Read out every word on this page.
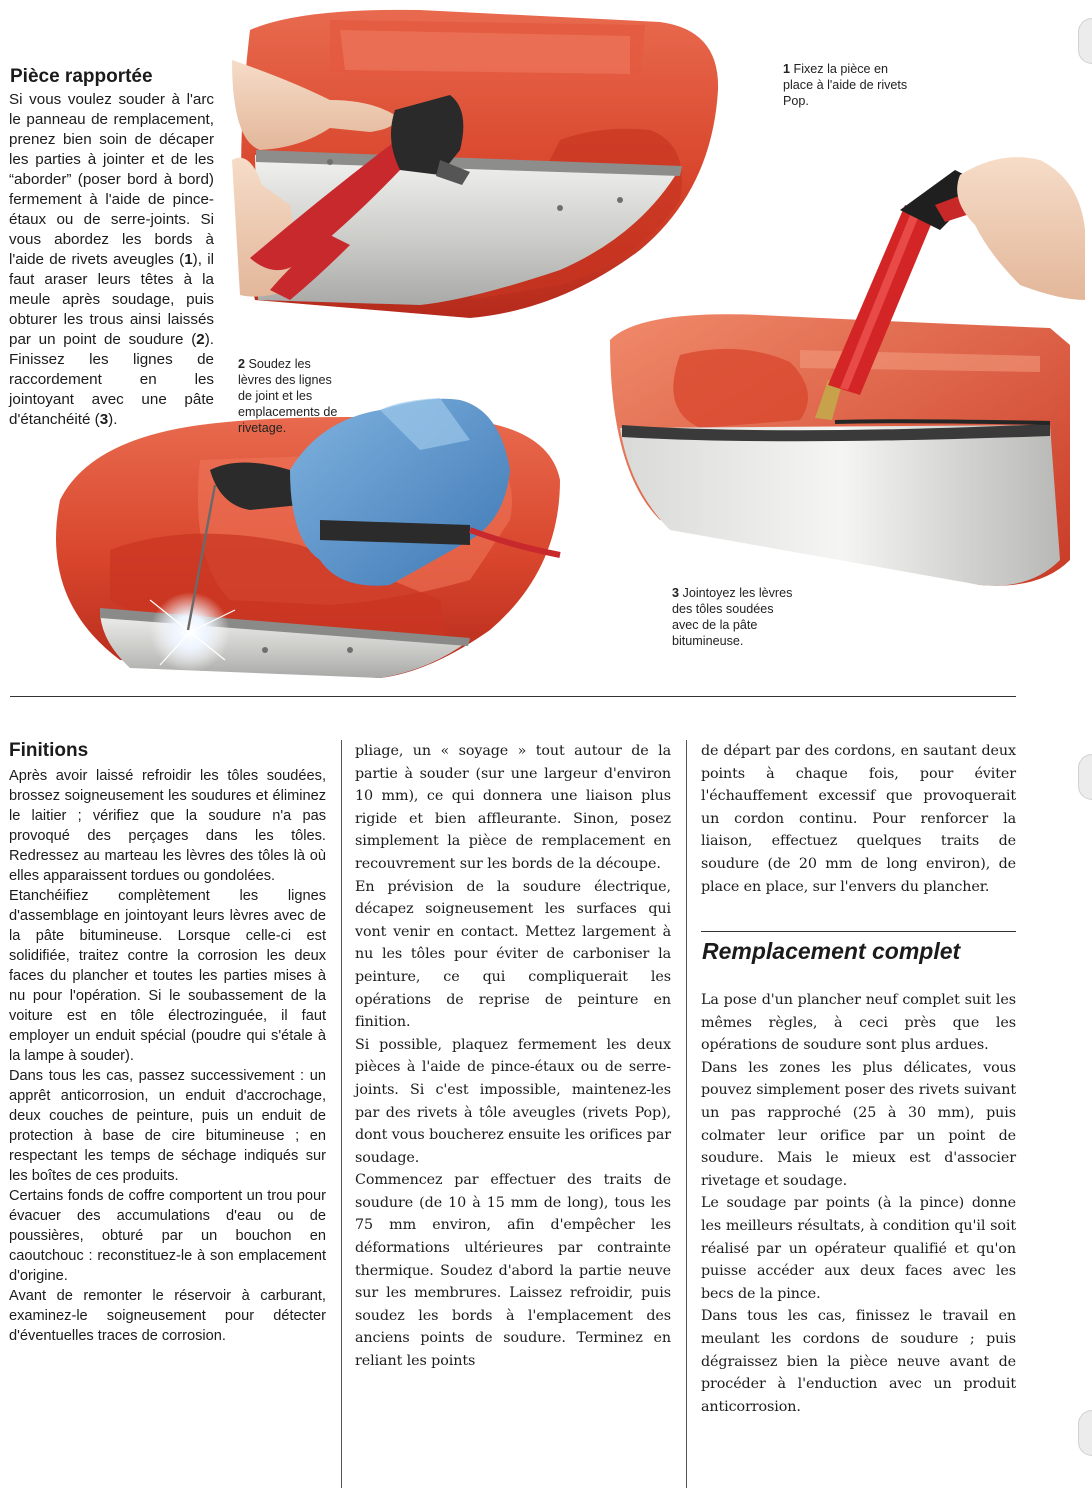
Pièce rapportée
Si vous voulez souder à l'arc le panneau de remplacement, prenez bien soin de décaper les parties à jointer et de les “aborder” (poser bord à bord) fermement à l'aide de pince-étaux ou de serre-joints. Si vous abordez les bords à l'aide de rivets aveugles (1), il faut araser leurs têtes à la meule après soudage, puis obturer les trous ainsi laissés par un point de soudure (2). Finissez les lignes de raccordement en les jointoyant avec une pâte d'étanchéité (3).
1 Fixez la pièce en place à l'aide de rivets Pop.
2 Soudez les lèvres des lignes de joint et les emplacements de rivetage.
3 Jointoyez les lèvres des tôles soudées avec de la pâte bitumineuse.
Finitions

Après avoir laissé refroidir les tôles soudées, brossez soigneusement les soudures et éliminez le laitier ; vérifiez que la soudure n'a pas provoqué des perçages dans les tôles. Redressez au marteau les lèvres des tôles là où elles apparaissent tordues ou gondolées.

Etanchéifiez complètement les lignes d'assemblage en jointoyant leurs lèvres avec de la pâte bitumineuse. Lorsque celle-ci est solidifiée, traitez contre la corrosion les deux faces du plancher et toutes les parties mises à nu pour l'opération. Si le soubassement de la voiture est en tôle électrozinguée, il faut employer un enduit spécial (poudre qui s'étale à la lampe à souder).

Dans tous les cas, passez successivement : un apprêt anticorrosion, un enduit d'accrochage, deux couches de peinture, puis un enduit de protection à base de cire bitumineuse ; en respectant les temps de séchage indiqués sur les boîtes de ces produits.

Certains fonds de coffre comportent un trou pour évacuer des accumulations d'eau ou de poussières, obturé par un bouchon en caoutchouc : reconstituez-le à son emplacement d'origine.

Avant de remonter le réservoir à carburant, examinez-le soigneusement pour détecter d'éventuelles traces de corrosion.

pliage, un « soyage » tout autour de la partie à souder (sur une largeur d'environ 10 mm), ce qui donnera une liaison plus rigide et bien affleurante. Sinon, posez simplement la pièce de remplacement en recouvrement sur les bords de la découpe.

En prévision de la soudure électrique, décapez soigneusement les surfaces qui vont venir en contact. Mettez largement à nu les tôles pour éviter de carboniser la peinture, ce qui compliquerait les opérations de reprise de peinture en finition.

Si possible, plaquez fermement les deux pièces à l'aide de pince-étaux ou de serre-joints. Si c'est impossible, maintenez-les par des rivets à tôle aveugles (rivets Pop), dont vous boucherez ensuite les orifices par soudage.

Commencez par effectuer des traits de soudure (de 10 à 15 mm de long), tous les 75 mm environ, afin d'empêcher les déformations ultérieures par contrainte thermique. Soudez d'abord la partie neuve sur les membrures. Laissez refroidir, puis soudez les bords à l'emplacement des anciens points de soudure. Terminez en reliant les points

de départ par des cordons, en sautant deux points à chaque fois, pour éviter l'échauffement excessif que provoquerait un cordon continu. Pour renforcer la liaison, effectuez quelques traits de soudure (de 20 mm de long environ), de place en place, sur l'envers du plancher.

Remplacement complet

La pose d'un plancher neuf complet suit les mêmes règles, à ceci près que les opérations de soudure sont plus ardues.

Dans les zones les plus délicates, vous pouvez simplement poser des rivets suivant un pas rapproché (25 à 30 mm), puis colmater leur orifice par un point de soudure. Mais le mieux est d'associer rivetage et soudage.

Le soudage par points (à la pince) donne les meilleurs résultats, à condition qu'il soit réalisé par un opérateur qualifié et qu'on puisse accéder aux deux faces avec les becs de la pince.

Dans tous les cas, finissez le travail en meulant les cordons de soudure ; puis dégraissez bien la pièce neuve avant de procéder à l'enduction avec un produit anticorrosion.
